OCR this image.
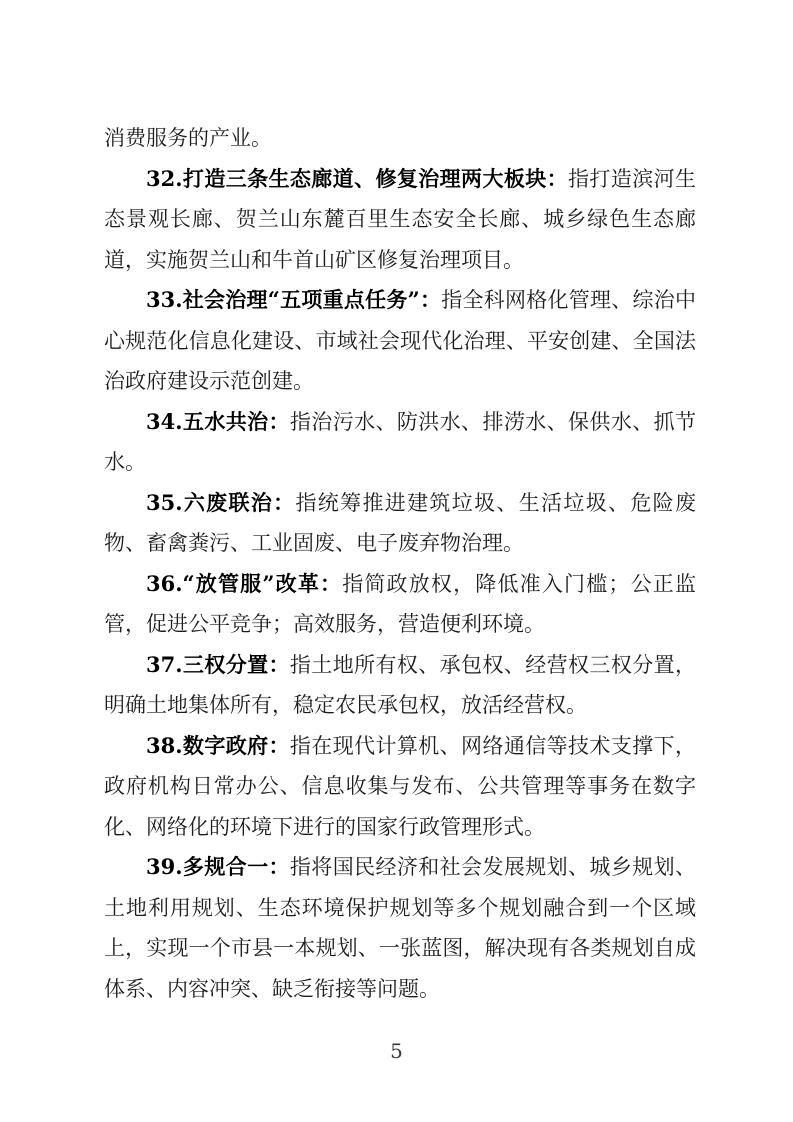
消费服务的产业。

32.打造三条生态廊道、修复治理两大板块：指打造滨河生态景观长廊、贺兰山东麓百里生态安全长廊、城乡绿色生态廊道，实施贺兰山和牛首山矿区修复治理项目。

33.社会治理“五项重点任务”：指全科网格化管理、综治中心规范化信息化建设、市域社会现代化治理、平安创建、全国法治政府建设示范创建。

34.五水共治：指治污水、防洪水、排涝水、保供水、抓节水。

35.六废联治：指统筹推进建筑垃圾、生活垃圾、危险废物、畜禽粪污、工业固废、电子废弃物治理。

36.“放管服”改革：指简政放权，降低准入门槛；公正监管，促进公平竞争；高效服务，营造便利环境。

37.三权分置：指土地所有权、承包权、经营权三权分置，明确土地集体所有，稳定农民承包权，放活经营权。

38.数字政府：指在现代计算机、网络通信等技术支撑下，政府机构日常办公、信息收集与发布、公共管理等事务在数字化、网络化的环境下进行的国家行政管理形式。

39.多规合一：指将国民经济和社会发展规划、城乡规划、土地利用规划、生态环境保护规划等多个规划融合到一个区域上，实现一个市县一本规划、一张蓝图，解决现有各类规划自成体系、内容冲突、缺乏衔接等问题。

5
